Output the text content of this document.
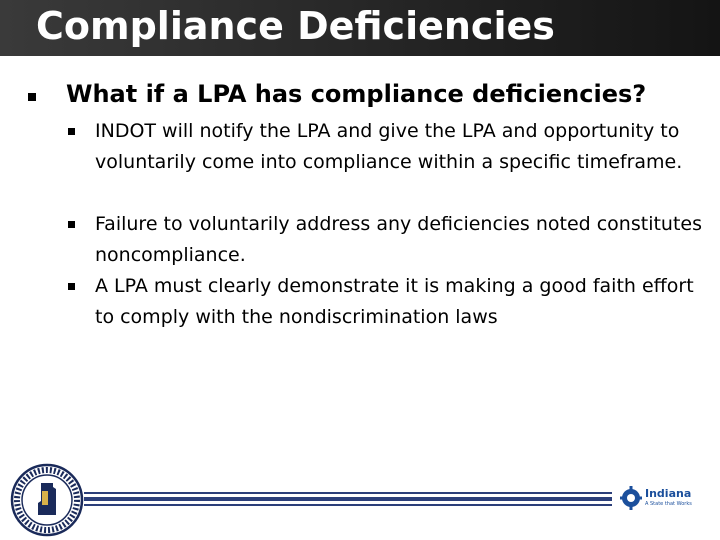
Compliance Deficiencies
What if a LPA has compliance deficiencies?
INDOT will notify the LPA and give the LPA and opportunity to voluntarily come into compliance within a specific timeframe.
Failure to voluntarily address any deficiencies noted constitutes noncompliance.
A LPA must clearly demonstrate it is making a good faith effort to comply with the nondiscrimination laws
Indiana
A State that Works
